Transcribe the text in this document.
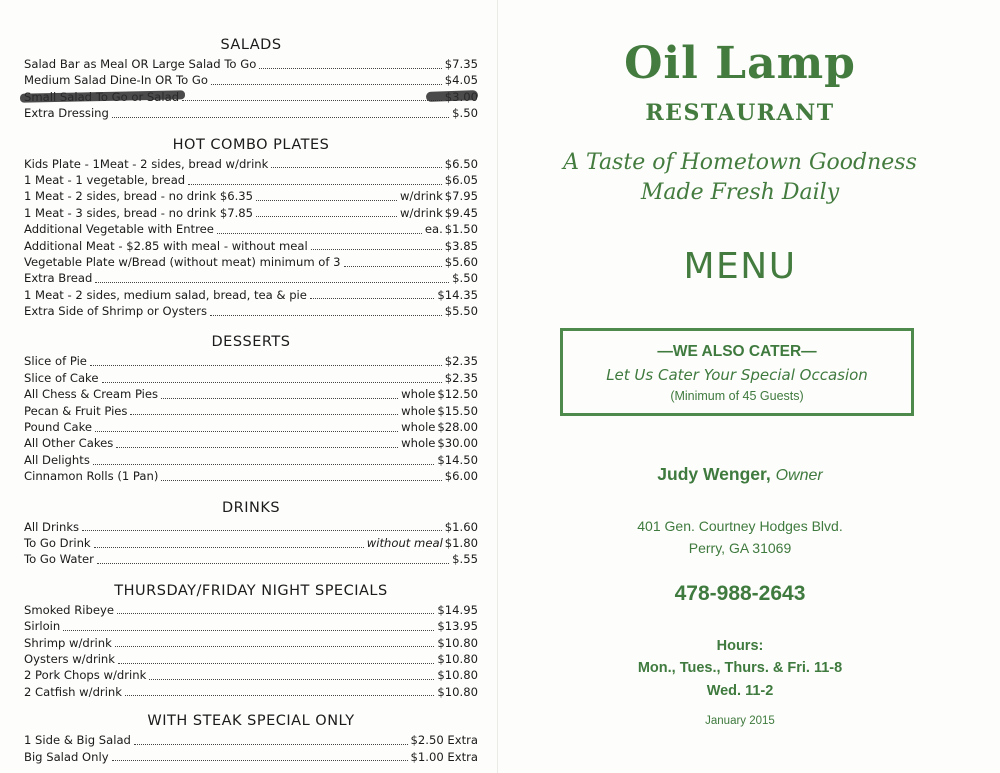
SALADS
Salad Bar as Meal OR Large Salad To Go	$7.35
Medium Salad Dine-In OR To Go	$4.05
Extra Dressing	$.50
HOT COMBO PLATES
Kids Plate - 1Meat - 2 sides, bread w/drink	$6.50
1 Meat - 1 vegetable, bread	$6.05
1 Meat - 2 sides, bread - no drink $6.35	w/drink $7.95
1 Meat - 3 sides, bread - no drink $7.85	w/drink $9.45
Additional Vegetable with Entree	ea. $1.50
Additional Meat - $2.85 with meal - without meal	$3.85
Vegetable Plate w/Bread (without meat) minimum of 3	$5.60
Extra Bread	$.50
1 Meat - 2 sides, medium salad, bread, tea & pie	$14.35
Extra Side of Shrimp or Oysters	$5.50
DESSERTS
Slice of Pie	$2.35
Slice of Cake	$2.35
All Chess & Cream Pies	whole $12.50
Pecan & Fruit Pies	whole $15.50
Pound Cake	whole $28.00
All Other Cakes	whole $30.00
All Delights	$14.50
Cinnamon Rolls (1 Pan)	$6.00
DRINKS
All Drinks	$1.60
To Go Drink	without meal $1.80
To Go Water	$.55
THURSDAY/FRIDAY NIGHT SPECIALS
Smoked Ribeye	$14.95
Sirloin	$13.95
Shrimp w/drink	$10.80
Oysters w/drink	$10.80
2 Pork Chops w/drink	$10.80
2 Catfish w/drink	$10.80
WITH STEAK SPECIAL ONLY
1 Side & Big Salad	$2.50 Extra
Big Salad Only	$1.00 Extra
Oil Lamp
RESTAURANT
A Taste of Hometown Goodness
Made Fresh Daily
MENU
—WE ALSO CATER—
Let Us Cater Your Special Occasion
(Minimum of 45 Guests)
Judy Wenger, Owner
401 Gen. Courtney Hodges Blvd.
Perry, GA 31069
478-988-2643
Hours:
Mon., Tues., Thurs. & Fri. 11-8
Wed. 11-2
January 2015
